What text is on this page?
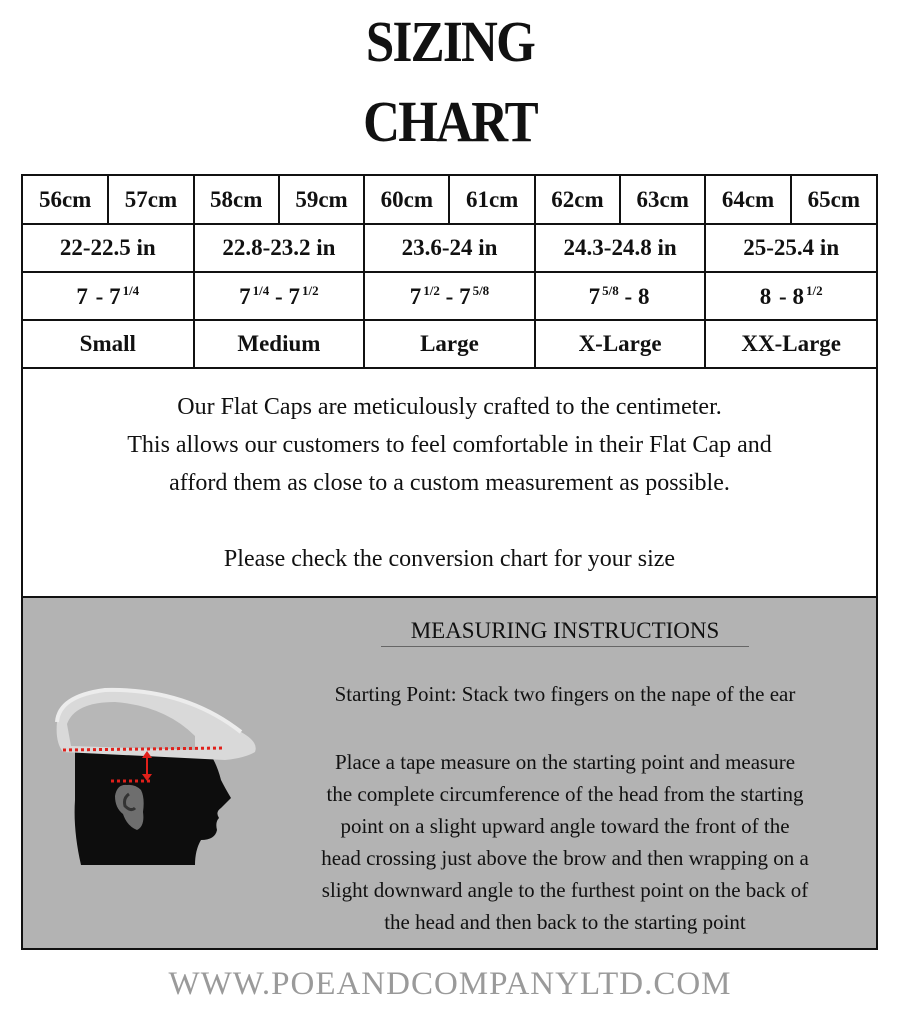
SIZING
CHART
56cm	57cm	58cm	59cm	60cm	61cm	62cm	63cm	64cm	65cm
22-22.5 in		22.8-23.2 in		23.6-24 in		24.3-24.8 in		25-25.4 in	
7 - 7 $^{1/4}$		7 $^{1/4}$ - 7 $^{1/2}$		7 $^{1/2}$ - 7 $^{5/8}$		7 $^{5/8}$ - 8		8 - 8 $^{1/2}$
Small		Medium		Large		X-Large		XX-Large	

Our Flat Caps are meticulously crafted to the centimeter.

This allows our customers to feel comfortable in their Flat Cap and

afford them as close to a custom measurement as possible.

Please check the conversion chart for your size

MEASURING INSTRUCTIONS
Starting Point: Stack two fingers on the nape of the ear
Place a tape measure on the starting point and measure
the complete circumference of the head from the starting
point on a slight upward angle toward the front of the
head crossing just above the brow and then wrapping on a
slight downward angle to the furthest point on the back of
the head and then back to the starting point
WWW.POEANDCOMPANYLTD.COM
